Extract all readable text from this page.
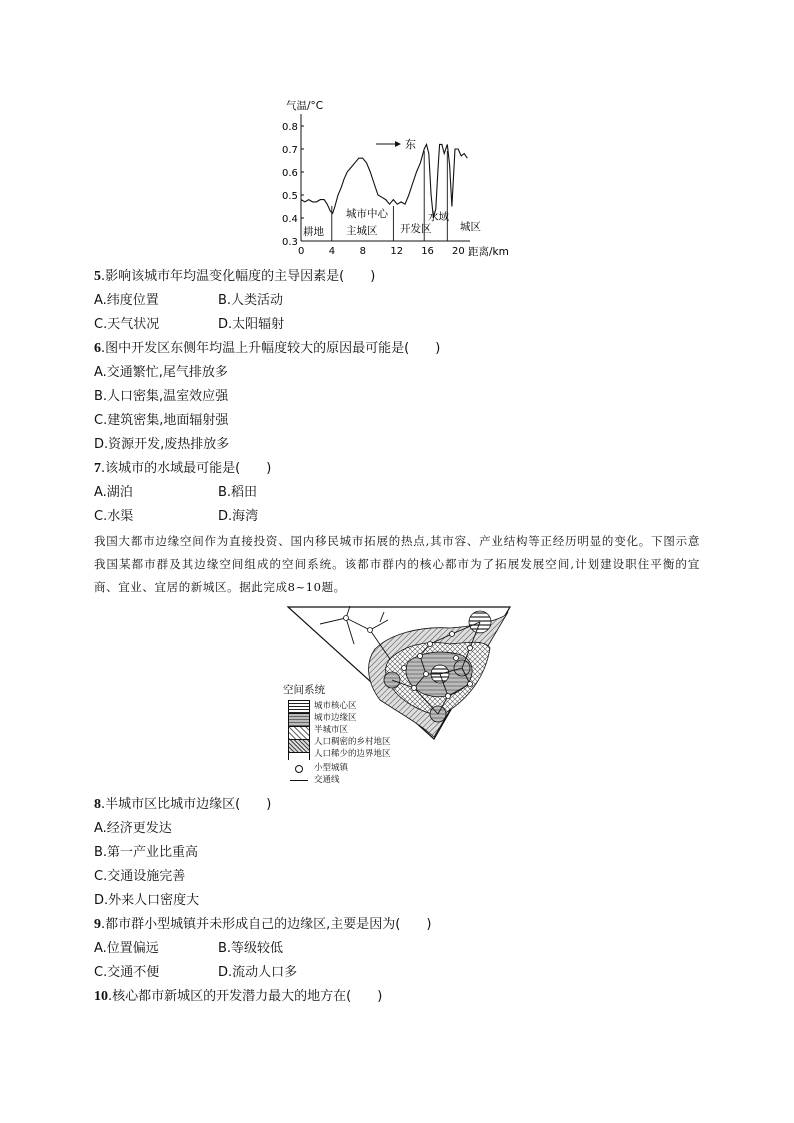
气温/°C
0.3
0.4
0.5
0.6
0.7
0.8
0 4 8 12 16 20
东
耕地
城市中心
主城区 开发区
水域
城区
距离/km
5.影响该城市年均温变化幅度的主导因素是(　　)
A.纬度位置	B.人类活动
C.天气状况	D.太阳辐射
6.图中开发区东侧年均温上升幅度较大的原因最可能是(　　)
A.交通繁忙,尾气排放多
B.人口密集,温室效应强
C.建筑密集,地面辐射强
D.资源开发,废热排放多
7.该城市的水域最可能是(　　)
A.湖泊	B.稻田
C.水渠	D.海湾
我国大都市边缘空间作为直接投资、国内移民城市拓展的热点,其市容、产业结构等正经历明显的变化。下图示意我国某都市群及其边缘空间组成的空间系统。该都市群内的核心都市为了拓展发展空间,计划建设职住平衡的宜商、宜业、宜居的新城区。据此完成8~10题。
空间系统
城市核心区
城市边缘区
半城市区
人口稠密的乡村地区
人口稀少的边界地区
小型城镇
交通线
8.半城市区比城市边缘区(　　)
A.经济更发达
B.第一产业比重高
C.交通设施完善
D.外来人口密度大
9.都市群小型城镇并未形成自己的边缘区,主要是因为(　　)
A.位置偏远	B.等级较低
C.交通不便	D.流动人口多
10.核心都市新城区的开发潜力最大的地方在(　　)
